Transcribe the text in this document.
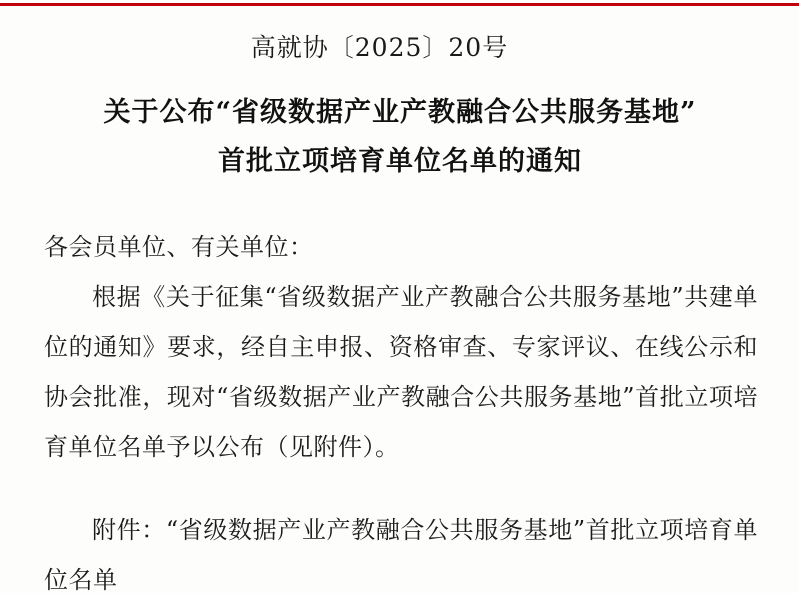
高就协〔2025〕20号
关于公布“省级数据产业产教融合公共服务基地”
首批立项培育单位名单的通知

各会员单位、有关单位：

根据《关于征集“省级数据产业产教融合公共服务基地”共建单位的通知》要求，经自主申报、资格审查、专家评议、在线公示和协会批准，现对“省级数据产业产教融合公共服务基地”首批立项培育单位名单予以公布（见附件）。

附件：“省级数据产业产教融合公共服务基地”首批立项培育单位名单
